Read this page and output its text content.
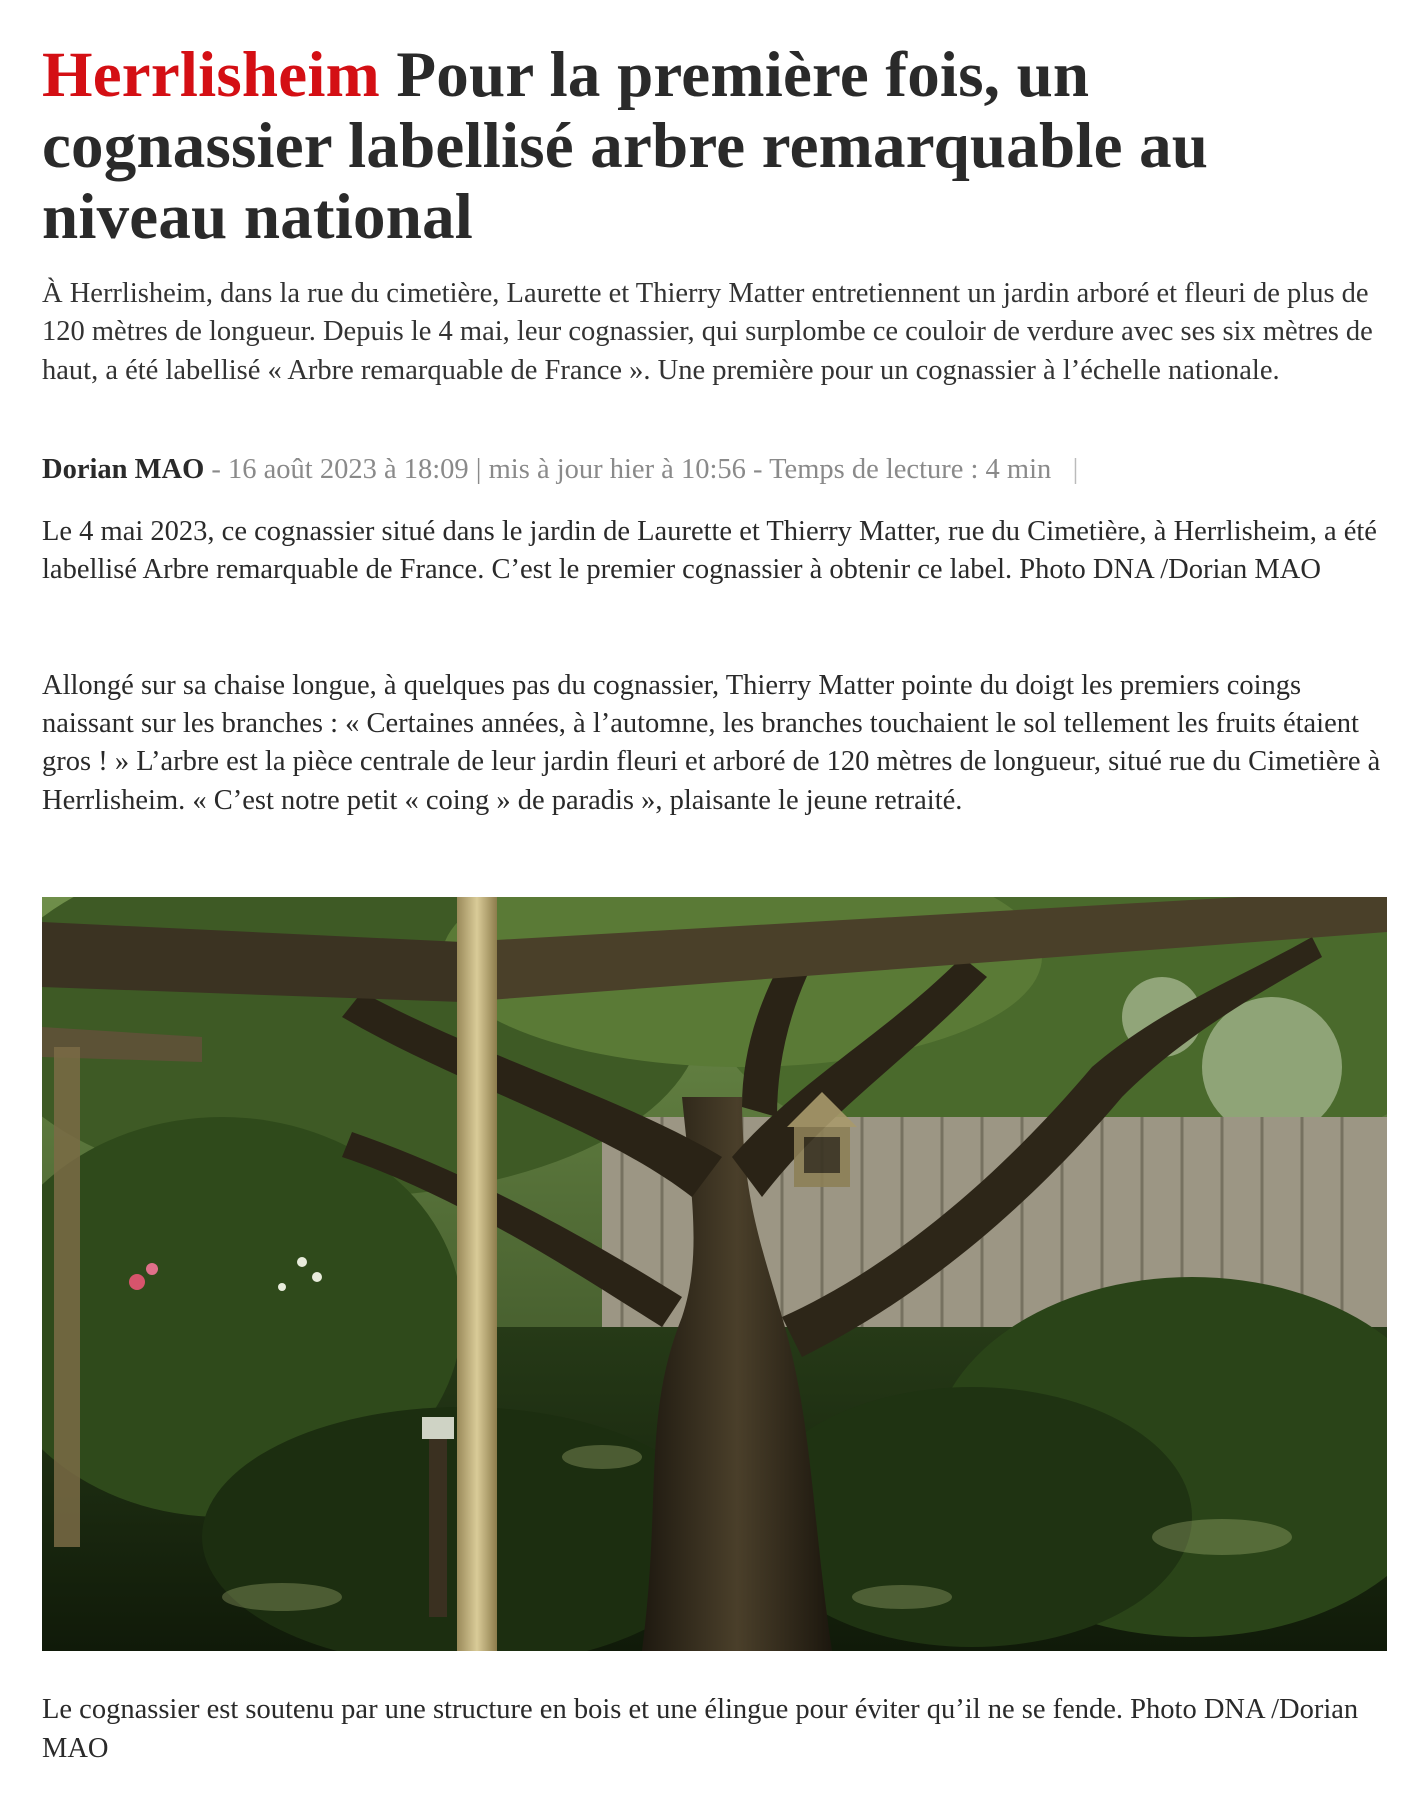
Herrlisheim Pour la première fois, un cognassier labellisé arbre remarquable au niveau national

À Herrlisheim, dans la rue du cimetière, Laurette et Thierry Matter entretiennent un jardin arboré et fleuri de plus de 120 mètres de longueur. Depuis le 4 mai, leur cognassier, qui surplombe ce couloir de verdure avec ses six mètres de haut, a été labellisé « Arbre remarquable de France ». Une première pour un cognassier à l’échelle nationale.

Dorian MAO - 16 août 2023 à 18:09 | mis à jour hier à 10:56 - Temps de lecture : 4 min |

Le 4 mai 2023, ce cognassier situé dans le jardin de Laurette et Thierry Matter, rue du Cimetière, à Herrlisheim, a été labellisé Arbre remarquable de France. C’est le premier cognassier à obtenir ce label. Photo DNA /Dorian MAO

Allongé sur sa chaise longue, à quelques pas du cognassier, Thierry Matter pointe du doigt les premiers coings naissant sur les branches : « Certaines années, à l’automne, les branches touchaient le sol tellement les fruits étaient gros ! » L’arbre est la pièce centrale de leur jardin fleuri et arboré de 120 mètres de longueur, situé rue du Cimetière à Herrlisheim. « C’est notre petit « coing » de paradis », plaisante le jeune retraité.

Le cognassier est soutenu par une structure en bois et une élingue pour éviter qu’il ne se fende. Photo DNA /Dorian MAO
